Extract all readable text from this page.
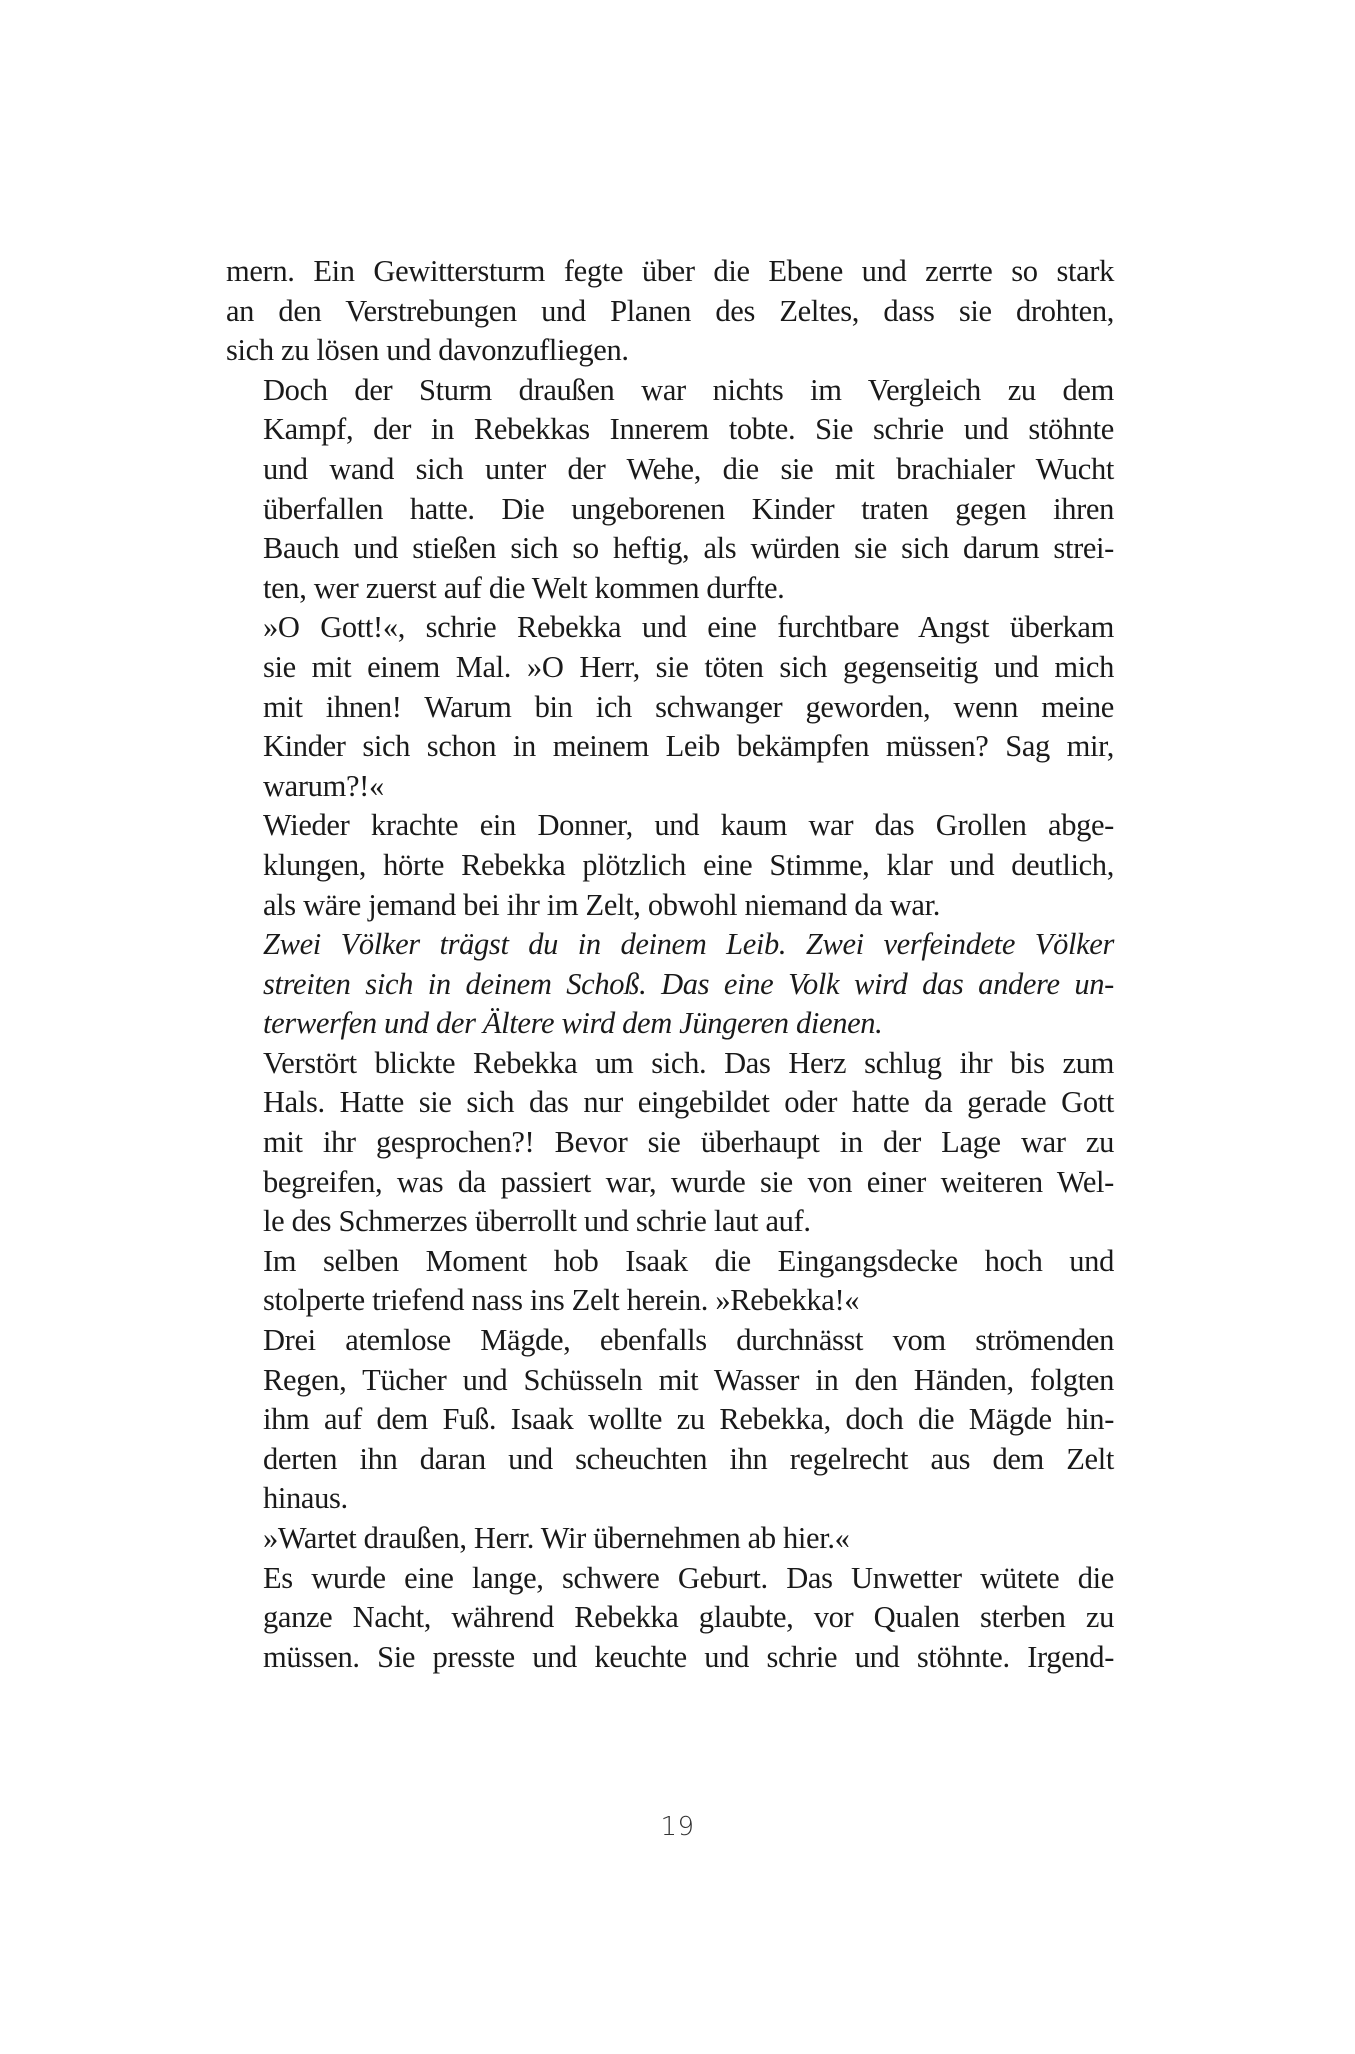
mern. Ein Gewittersturm fegte über die Ebene und zerrte so stark
an den Verstrebungen und Planen des Zeltes, dass sie drohten,
sich zu lösen und davonzufliegen.

Doch der Sturm draußen war nichts im Vergleich zu dem
Kampf, der in Rebekkas Innerem tobte. Sie schrie und stöhnte
und wand sich unter der Wehe, die sie mit brachialer Wucht
überfallen hatte. Die ungeborenen Kinder traten gegen ihren
Bauch und stießen sich so heftig, als würden sie sich darum strei-
ten, wer zuerst auf die Welt kommen durfte.

»O Gott!«, schrie Rebekka und eine furchtbare Angst überkam
sie mit einem Mal. »O Herr, sie töten sich gegenseitig und mich
mit ihnen! Warum bin ich schwanger geworden, wenn meine
Kinder sich schon in meinem Leib bekämpfen müssen? Sag mir,
warum?!«

Wieder krachte ein Donner, und kaum war das Grollen abge-
klungen, hörte Rebekka plötzlich eine Stimme, klar und deutlich,
als wäre jemand bei ihr im Zelt, obwohl niemand da war.

Zwei Völker trägst du in deinem Leib. Zwei verfeindete Völker
streiten sich in deinem Schoß. Das eine Volk wird das andere un-
terwerfen und der Ältere wird dem Jüngeren dienen.

Verstört blickte Rebekka um sich. Das Herz schlug ihr bis zum
Hals. Hatte sie sich das nur eingebildet oder hatte da gerade Gott
mit ihr gesprochen?! Bevor sie überhaupt in der Lage war zu
begreifen, was da passiert war, wurde sie von einer weiteren Wel-
le des Schmerzes überrollt und schrie laut auf.

Im selben Moment hob Isaak die Eingangsdecke hoch und
stolperte triefend nass ins Zelt herein. »Rebekka!«

Drei atemlose Mägde, ebenfalls durchnässt vom strömenden
Regen, Tücher und Schüsseln mit Wasser in den Händen, folgten
ihm auf dem Fuß. Isaak wollte zu Rebekka, doch die Mägde hin-
derten ihn daran und scheuchten ihn regelrecht aus dem Zelt
hinaus.

»Wartet draußen, Herr. Wir übernehmen ab hier.«

Es wurde eine lange, schwere Geburt. Das Unwetter wütete die
ganze Nacht, während Rebekka glaubte, vor Qualen sterben zu
müssen. Sie presste und keuchte und schrie und stöhnte. Irgend-

19
